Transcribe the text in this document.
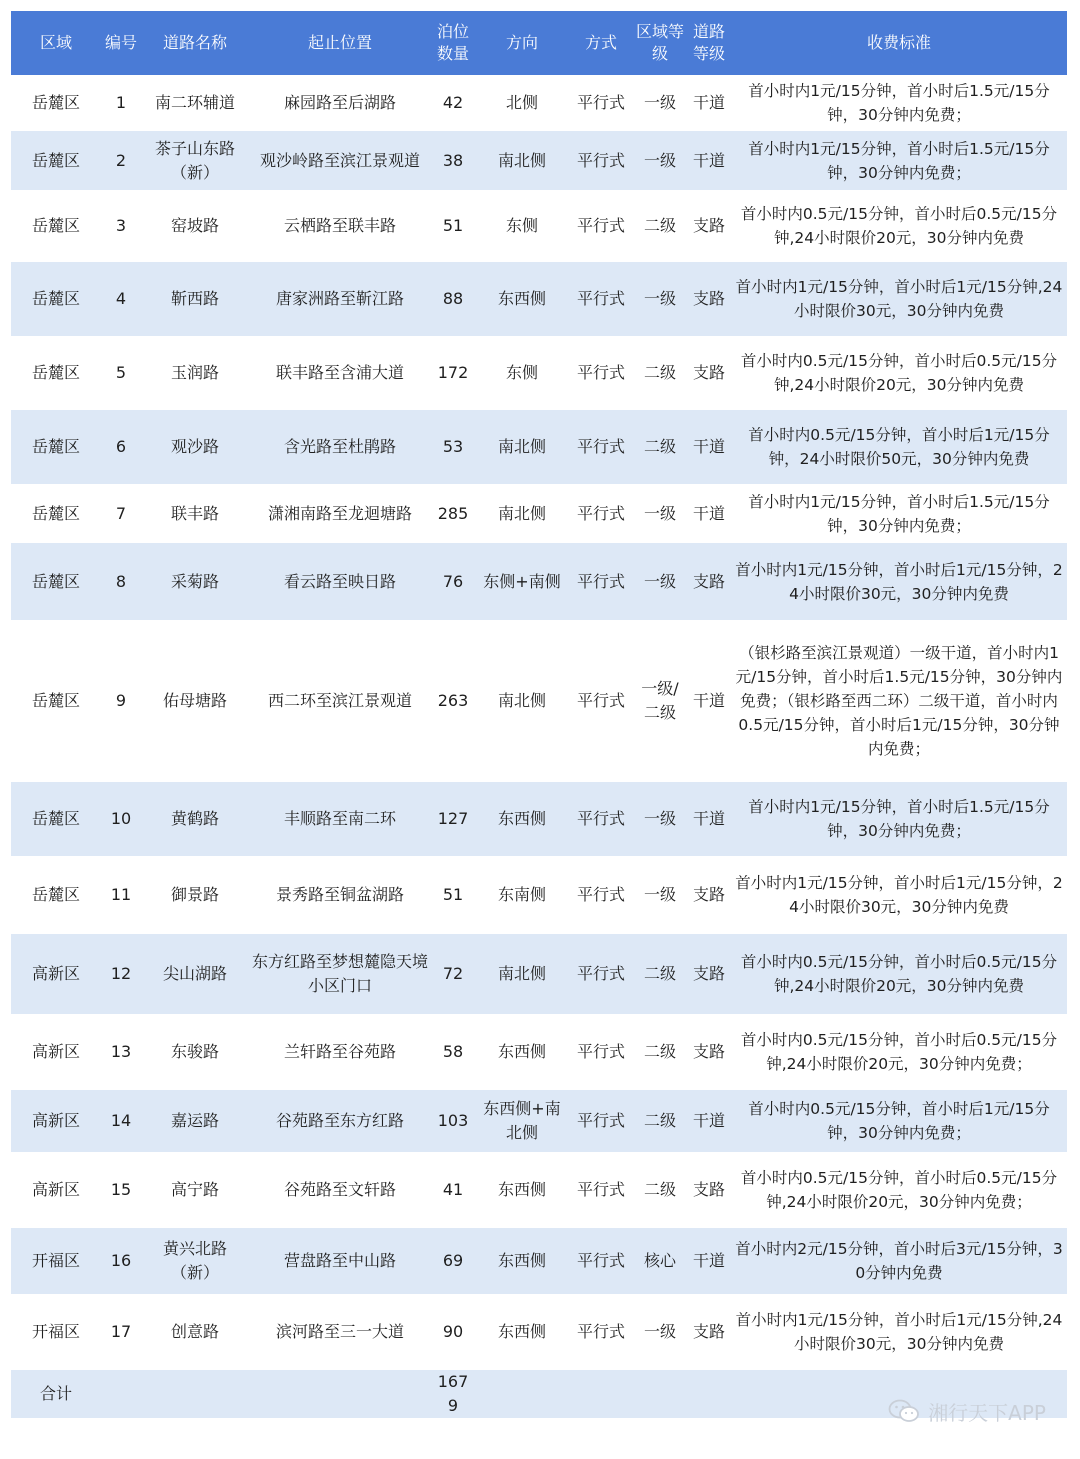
区域	编号	道路名称	起止位置	泊位数量	方向	方式	区域等级	道路等级	收费标准
岳麓区	1	南二环辅道	麻园路至后湖路	42	北侧	平行式	一级	干道	首小时内1元/15分钟，首小时后1.5元/15分钟，30分钟内免费；
岳麓区	2	茶子山东路（新）	观沙岭路至滨江景观道	38	南北侧	平行式	一级	干道	首小时内1元/15分钟，首小时后1.5元/15分钟，30分钟内免费；
岳麓区	3	窑坡路	云栖路至联丰路	51	东侧	平行式	二级	支路	首小时内0.5元/15分钟，首小时后0.5元/15分钟,24小时限价20元，30分钟内免费
岳麓区	4	靳西路	唐家洲路至靳江路	88	东西侧	平行式	一级	支路	首小时内1元/15分钟，首小时后1元/15分钟,24小时限价30元，30分钟内免费
岳麓区	5	玉润路	联丰路至含浦大道	172	东侧	平行式	二级	支路	首小时内0.5元/15分钟，首小时后0.5元/15分钟,24小时限价20元，30分钟内免费
岳麓区	6	观沙路	含光路至杜鹃路	53	南北侧	平行式	二级	干道	首小时内0.5元/15分钟，首小时后1元/15分钟，24小时限价50元，30分钟内免费
岳麓区	7	联丰路	潇湘南路至龙迴塘路	285	南北侧	平行式	一级	干道	首小时内1元/15分钟，首小时后1.5元/15分钟，30分钟内免费；
岳麓区	8	采菊路	看云路至映日路	76	东侧+南侧	平行式	一级	支路	首小时内1元/15分钟，首小时后1元/15分钟，24小时限价30元，30分钟内免费
岳麓区	9	佑母塘路	西二环至滨江景观道	263	南北侧	平行式	一级/二级	干道	（银杉路至滨江景观道）一级干道，首小时内1元/15分钟，首小时后1.5元/15分钟，30分钟内免费；（银杉路至西二环）二级干道，首小时内0.5元/15分钟，首小时后1元/15分钟，30分钟内免费；
岳麓区	10	黄鹤路	丰顺路至南二环	127	东西侧	平行式	一级	干道	首小时内1元/15分钟，首小时后1.5元/15分钟，30分钟内免费；
岳麓区	11	御景路	景秀路至铜盆湖路	51	东南侧	平行式	一级	支路	首小时内1元/15分钟，首小时后1元/15分钟，24小时限价30元，30分钟内免费
高新区	12	尖山湖路	东方红路至梦想麓隐天境小区门口	72	南北侧	平行式	二级	支路	首小时内0.5元/15分钟，首小时后0.5元/15分钟,24小时限价20元，30分钟内免费
高新区	13	东骏路	兰轩路至谷苑路	58	东西侧	平行式	二级	支路	首小时内0.5元/15分钟，首小时后0.5元/15分钟,24小时限价20元，30分钟内免费；
高新区	14	嘉运路	谷苑路至东方红路	103	东西侧+南北侧	平行式	二级	干道	首小时内0.5元/15分钟，首小时后1元/15分钟，30分钟内免费；
高新区	15	高宁路	谷苑路至文轩路	41	东西侧	平行式	二级	支路	首小时内0.5元/15分钟，首小时后0.5元/15分钟,24小时限价20元，30分钟内免费；
开福区	16	黄兴北路（新）	营盘路至中山路	69	东西侧	平行式	核心	干道	首小时内2元/15分钟，首小时后3元/15分钟，30分钟内免费
开福区	17	创意路	滨河路至三一大道	90	东西侧	平行式	一级	支路	首小时内1元/15分钟，首小时后1元/15分钟,24小时限价30元，30分钟内免费
合计				1679						湘行天下APP
